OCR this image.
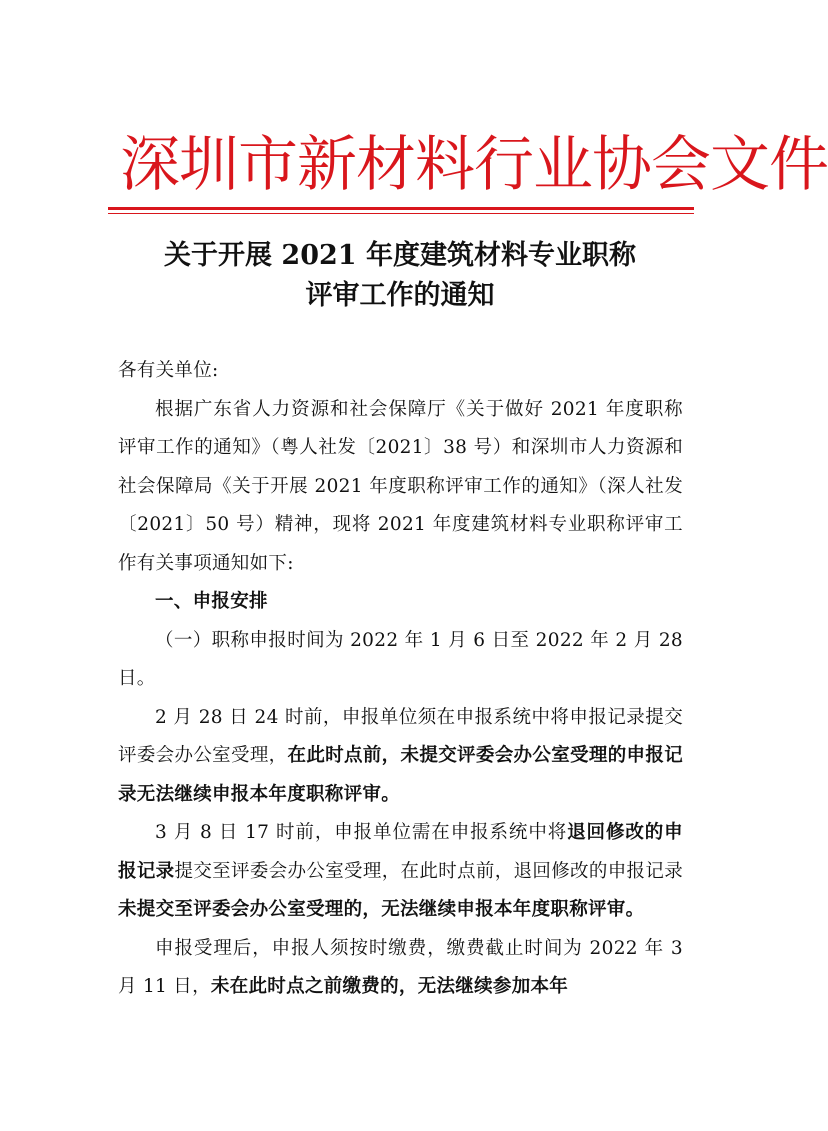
深圳市新材料行业协会文件
关于开展 2021 年度建筑材料专业职称
评审工作的通知

各有关单位:

根据广东省人力资源和社会保障厅《关于做好 2021 年度职称评审工作的通知》（粤人社发〔2021〕38 号）和深圳市人力资源和社会保障局《关于开展 2021 年度职称评审工作的通知》（深人社发〔2021〕50 号）精神，现将 2021 年度建筑材料专业职称评审工作有关事项通知如下:

一、申报安排

（一）职称申报时间为 2022 年 1 月 6 日至 2022 年 2 月 28 日。

2 月 28 日 24 时前，申报单位须在申报系统中将申报记录提交评委会办公室受理，在此时点前，未提交评委会办公室受理的申报记录无法继续申报本年度职称评审。

3 月 8 日 17 时前，申报单位需在申报系统中将退回修改的申报记录提交至评委会办公室受理，在此时点前，退回修改的申报记录未提交至评委会办公室受理的，无法继续申报本年度职称评审。

申报受理后，申报人须按时缴费，缴费截止时间为 2022 年 3 月 11 日，未在此时点之前缴费的，无法继续参加本年
